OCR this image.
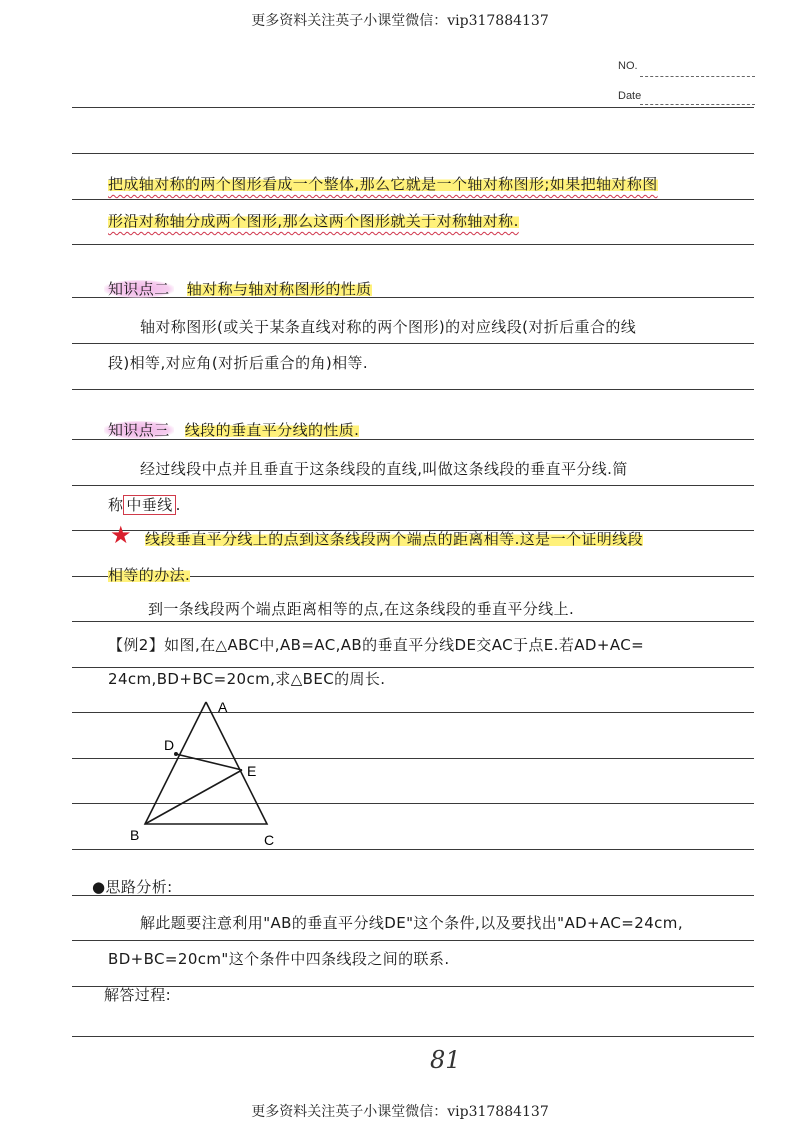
更多资料关注英子小课堂微信：vip317884137
NO.
Date
把成轴对称的两个图形看成一个整体,那么它就是一个轴对称图形;如果把轴对称图
形沿对称轴分成两个图形,那么这两个图形就关于对称轴对称.
知识点二 轴对称与轴对称图形的性质
轴对称图形(或关于某条直线对称的两个图形)的对应线段(对折后重合的线
段)相等,对应角(对折后重合的角)相等.
知识点三 线段的垂直平分线的性质.
经过线段中点并且垂直于这条线段的直线,叫做这条线段的垂直平分线.简
称 中垂线 .
★ 线段垂直平分线上的点到这条线段两个端点的距离相等.这是一个证明线段
相等的办法.
到一条线段两个端点距离相等的点,在这条线段的垂直平分线上.
【例2】如图,在△ABC中,AB=AC,AB的垂直平分线DE交AC于点E.若AD+AC=
24cm,BD+BC=20cm,求△BEC的周长.
A
D
E
B	C
●思路分析:
解此题要注意利用"AB的垂直平分线DE"这个条件,以及要找出"AD+AC=24cm,
BD+BC=20cm"这个条件中四条线段之间的联系.
解答过程:
81
更多资料关注英子小课堂微信：vip317884137
